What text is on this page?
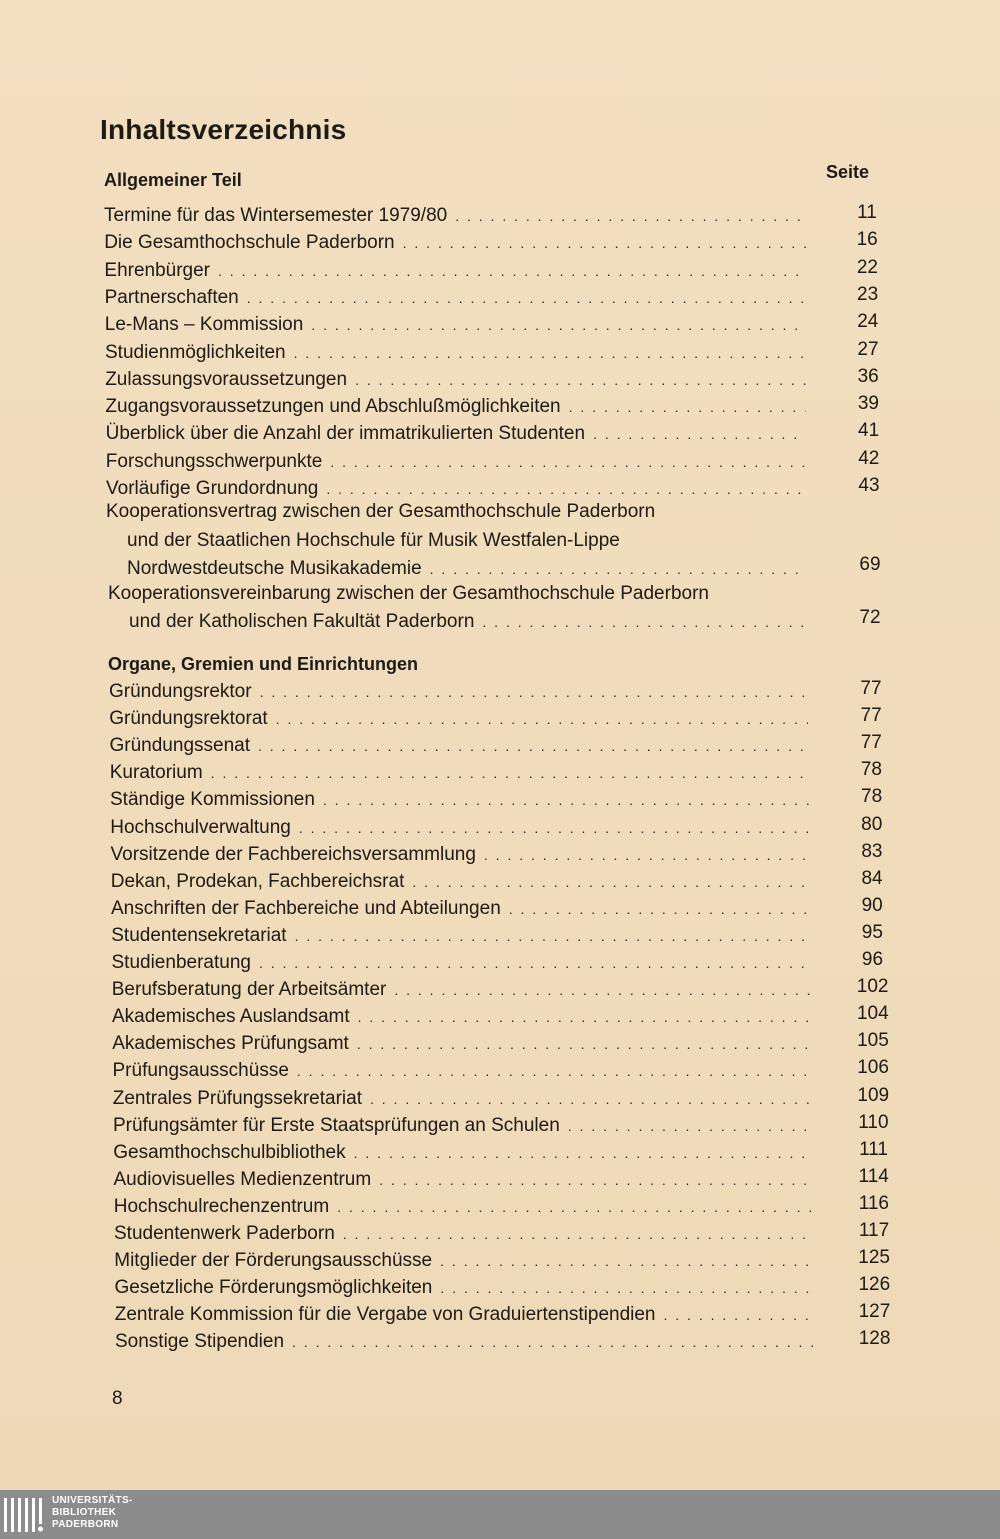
Inhaltsverzeichnis
Allgemeiner Teil	Seite
Termine für das Wintersemester 1979/80 . . .	11
Die Gesamthochschule Paderborn . . .	16
Ehrenbürger . . .	22
Partnerschaften . . .	23
Le-Mans – Kommission . . .	24
Studienmöglichkeiten . . .	27
Zulassungsvoraussetzungen . . .	36
Zugangsvoraussetzungen und Abschlußmöglichkeiten . . .	39
Überblick über die Anzahl der immatrikulierten Studenten . . .	41
Forschungsschwerpunkte . . .	42
Vorläufige Grundordnung . . .	43
Kooperationsvertrag zwischen der Gesamthochschule Paderborn
und der Staatlichen Hochschule für Musik Westfalen-Lippe
Nordwestdeutsche Musikakademie . . .	69
Kooperationsvereinbarung zwischen der Gesamthochschule Paderborn
und der Katholischen Fakultät Paderborn . . .	72
Organe, Gremien und Einrichtungen
Gründungsrektor . . .	77
Gründungsrektorat . . .	77
Gründungssenat . . .	77
Kuratorium . . .	78
Ständige Kommissionen . . .	78
Hochschulverwaltung . . .	80
Vorsitzende der Fachbereichsversammlung . . .	83
Dekan, Prodekan, Fachbereichsrat . . .	84
Anschriften der Fachbereiche und Abteilungen . . .	90
Studentensekretariat . . .	95
Studienberatung . . .	96
Berufsberatung der Arbeitsämter . . .	102
Akademisches Auslandsamt . . .	104
Akademisches Prüfungsamt . . .	105
Prüfungsausschüsse . . .	106
Zentrales Prüfungssekretariat . . .	109
Prüfungsämter für Erste Staatsprüfungen an Schulen . . .	110
Gesamthochschulbibliothek . . .	111
Audiovisuelles Medienzentrum . . .	114
Hochschulrechenzentrum . . .	116
Studentenwerk Paderborn . . .	117
Mitglieder der Förderungsausschüsse . . .	125
Gesetzliche Förderungsmöglichkeiten . . .	126
Zentrale Kommission für die Vergabe von Graduiertenstipendien . . .	127
Sonstige Stipendien . . .	128
8
UNIVERSITÄTS-
BIBLIOTHEK
PADERBORN
